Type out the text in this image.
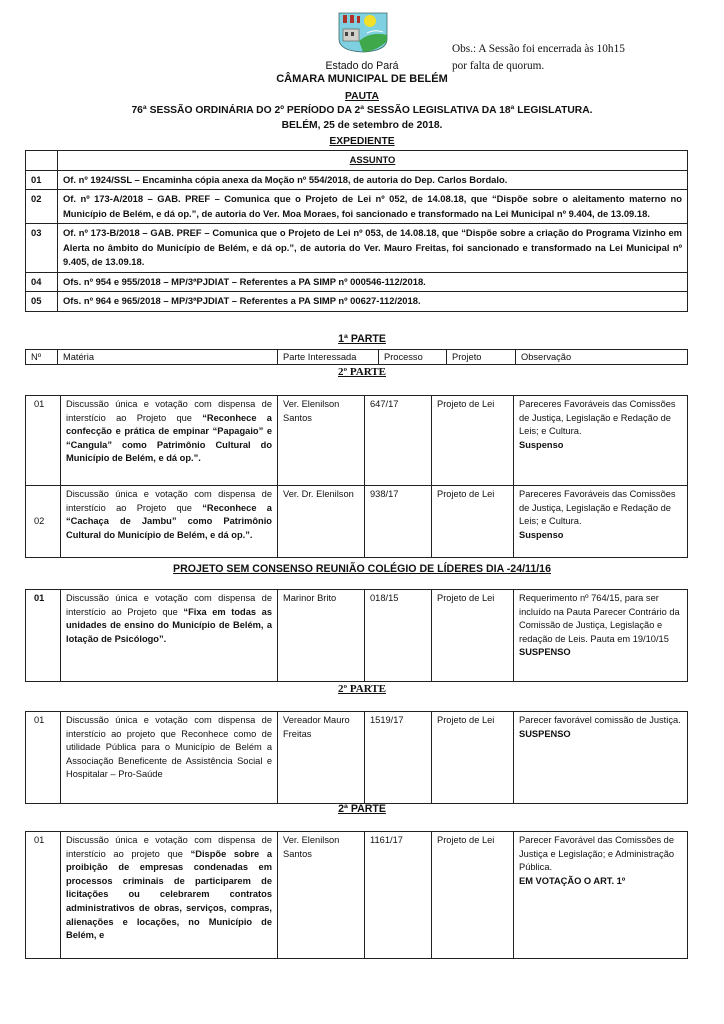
Obs.: A Sessão foi encerrada às 10h15
por falta de quorum.
Estado do Pará
CÂMARA MUNICIPAL DE BELÉM
PAUTA
76ª SESSÃO ORDINÁRIA DO 2º PERÍODO DA 2ª SESSÃO LEGISLATIVA DA 18ª LEGISLATURA.
BELÉM, 25 de setembro de 2018.
EXPEDIENTE
	ASSUNTO
01	Of. nº 1924/SSL – Encaminha cópia anexa da Moção nº 554/2018, de autoria do Dep. Carlos Bordalo.
02	Of. nº 173-A/2018 – GAB. PREF – Comunica que o Projeto de Lei nº 052, de 14.08.18, que “Dispõe sobre o aleitamento materno no Município de Belém, e dá op.”, de autoria do Ver. Moa Moraes, foi sancionado e transformado na Lei Municipal nº 9.404, de 13.09.18.
03	Of. nº 173-B/2018 – GAB. PREF – Comunica que o Projeto de Lei nº 053, de 14.08.18, que “Dispõe sobre a criação do Programa Vizinho em Alerta no âmbito do Município de Belém, e dá op.”, de autoria do Ver. Mauro Freitas, foi sancionado e transformado na Lei Municipal nº 9.405, de 13.09.18.
04	Ofs. nº 954 e 955/2018 – MP/3ªPJDIAT – Referentes a PA SIMP nº 000546-112/2018.
05	Ofs. nº 964 e 965/2018 – MP/3ªPJDIAT – Referentes a PA SIMP nº 00627-112/2018.
1ª PARTE
Nº	Matéria	Parte Interessada	Processo	Projeto	Observação
2º PARTE
01	Discussão única e votação com dispensa de interstício ao Projeto que “Reconhece a confecção e prática de empinar “Papagaio” e “Cangula” como Patrimônio Cultural do Município de Belém, e dá op.”.	Ver. Elenilson Santos	647/17	Projeto de Lei	Pareceres Favoráveis das Comissões de Justiça, Legislação e Redação de Leis; e Cultura.
Suspenso
02	Discussão única e votação com dispensa de interstício ao Projeto que “Reconhece a “Cachaça de Jambu” como Patrimônio Cultural do Município de Belém, e dá op.”.	Ver. Dr. Elenilson	938/17	Projeto de Lei	Pareceres Favoráveis das Comissões de Justiça, Legislação e Redação de Leis; e Cultura.
Suspenso
PROJETO SEM CONSENSO REUNIÃO COLÉGIO DE LÍDERES DIA -24/11/16
01	Discussão única e votação com dispensa de interstício ao Projeto que “Fixa em todas as unidades de ensino do Município de Belém, a lotação de Psicólogo”.	Marinor Brito	018/15	Projeto de Lei	Requerimento nº 764/15, para ser incluído na Pauta Parecer Contrário da Comissão de Justiça, Legislação e redação de Leis. Pauta em 19/10/15
SUSPENSO
2º PARTE
01	Discussão única e votação com dispensa de interstício ao projeto que Reconhece como de utilidade Pública para o Município de Belém a Associação Beneficente de Assistência Social e Hospitalar – Pro-Saúde	Vereador Mauro Freitas	1519/17	Projeto de Lei	Parecer favorável comissão de Justiça.
SUSPENSO
2ª PARTE
01	Discussão única e votação com dispensa de interstício ao projeto que “Dispõe sobre a proibição de empresas condenadas em processos criminais de participarem de licitações ou celebrarem contratos administrativos de obras, serviços, compras, alienações e locações, no Município de Belém, e	Ver. Elenilson Santos	1161/17	Projeto de Lei	Parecer Favorável das Comissões de Justiça e Legislação; e Administração Pública.
EM VOTAÇÃO O ART. 1º
